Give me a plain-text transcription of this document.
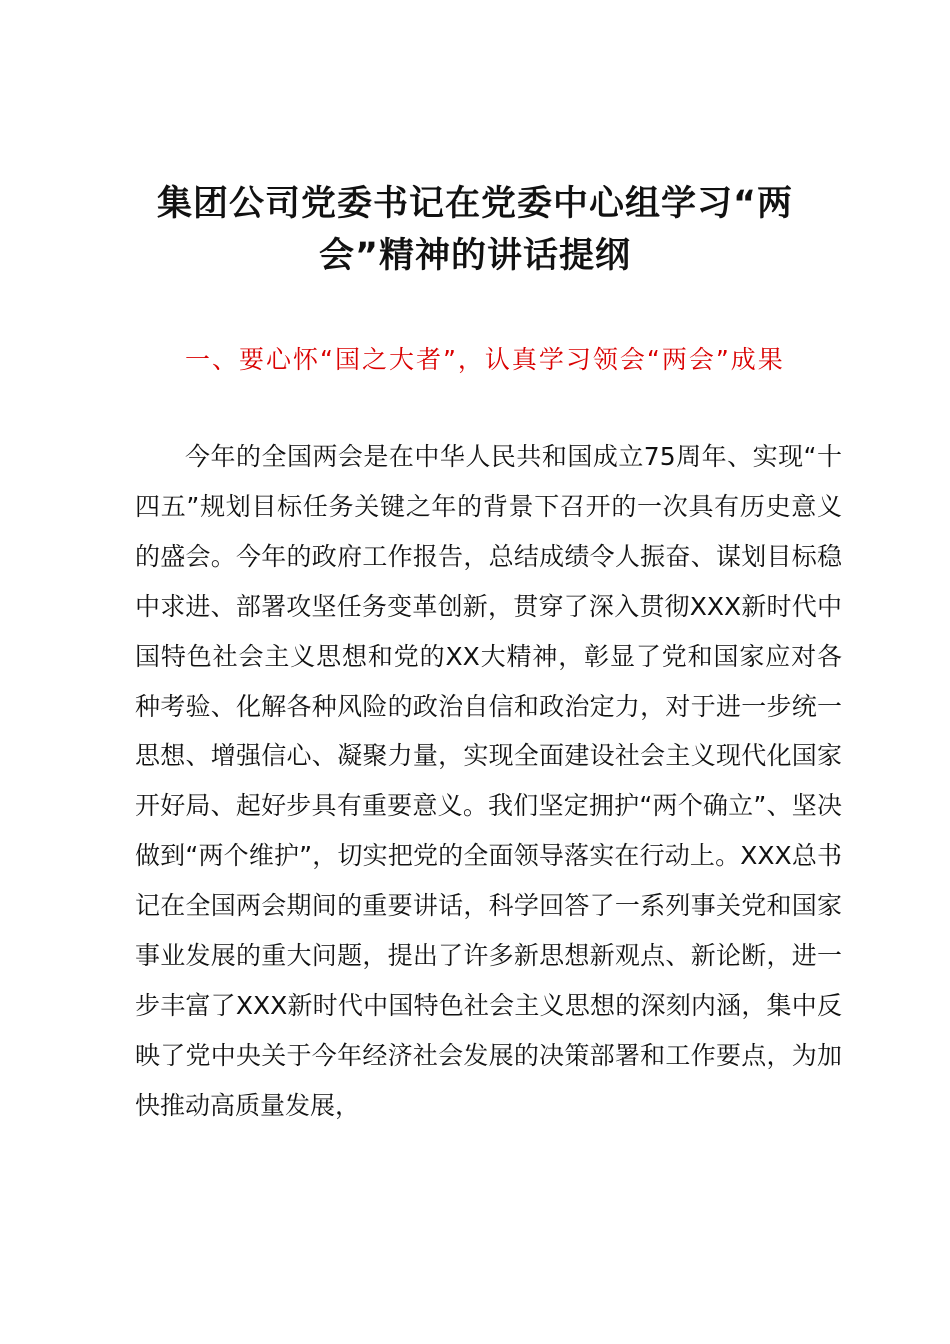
集团公司党委书记在党委中心组学习“两会”精神的讲话提纲

一、要心怀“国之大者”，认真学习领会“两会”成果

今年的全国两会是在中华人民共和国成立75周年、实现“十四五”规划目标任务关键之年的背景下召开的一次具有历史意义的盛会。今年的政府工作报告，总结成绩令人振奋、谋划目标稳中求进、部署攻坚任务变革创新，贯穿了深入贯彻XXX新时代中国特色社会主义思想和党的XX大精神，彰显了党和国家应对各种考验、化解各种风险的政治自信和政治定力，对于进一步统一思想、增强信心、凝聚力量，实现全面建设社会主义现代化国家开好局、起好步具有重要意义。我们坚定拥护“两个确立”、坚决做到“两个维护”，切实把党的全面领导落实在行动上。XXX总书记在全国两会期间的重要讲话，科学回答了一系列事关党和国家事业发展的重大问题，提出了许多新思想新观点、新论断，进一步丰富了XXX新时代中国特色社会主义思想的深刻内涵，集中反映了党中央关于今年经济社会发展的决策部署和工作要点，为加快推动高质量发展，
